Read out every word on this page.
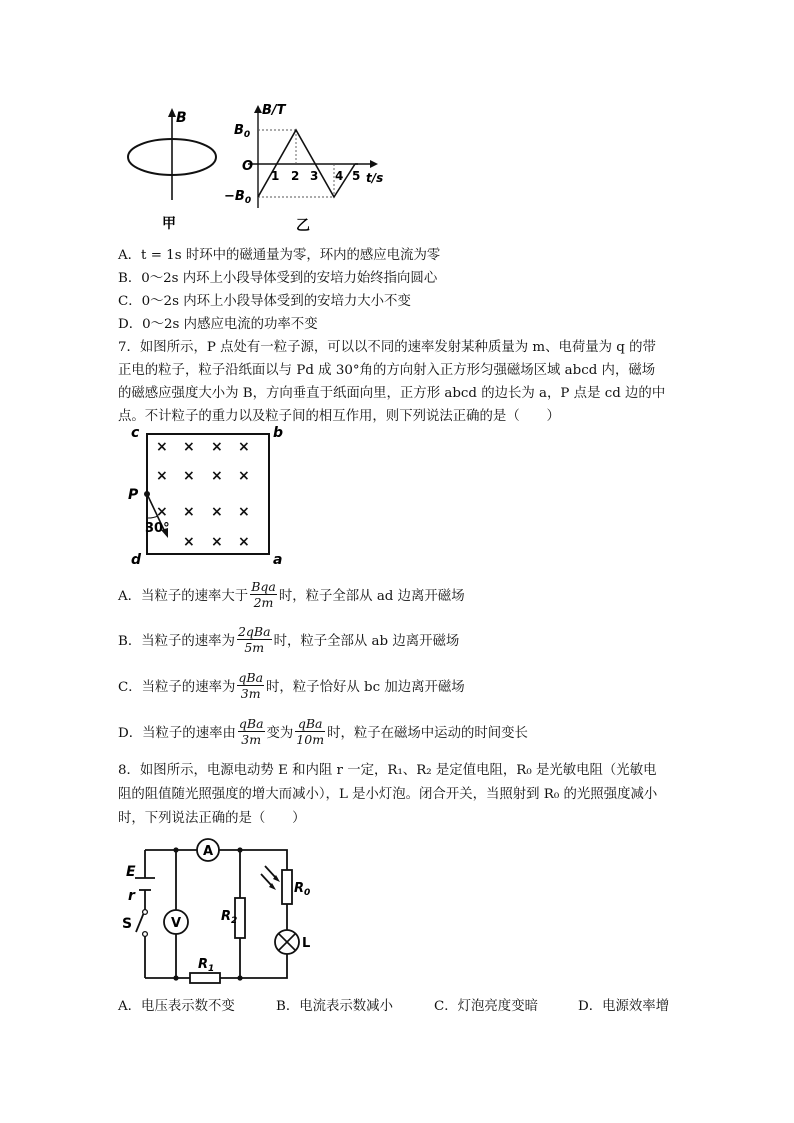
B
甲
B/T
t/s
O
$B_0$
$-B_0$
1 2 3 4 5
乙
A．t = 1s 时环中的磁通量为零，环内的感应电流为零
B．0～2s 内环上小段导体受到的安培力始终指向圆心
C．0～2s 内环上小段导体受到的安培力大小不变
D．0～2s 内感应电流的功率不变
7．如图所示，P 点处有一粒子源，可以以不同的速率发射某种质量为 m、电荷量为 q 的带
正电的粒子，粒子沿纸面以与 Pd 成 30°角的方向射入正方形匀强磁场区域 abcd 内，磁场
的磁感应强度大小为 B，方向垂直于纸面向里，正方形 abcd 的边长为 a，P 点是 cd 边的中
点。不计粒子的重力以及粒子间的相互作用，则下列说法正确的是（　　）
c	b
d	a
P
30°
× × × ×
× × × ×
× × × ×
× × ×
A．当粒子的速率大于 $\frac{\text{Bqa}}{2m}$ 时，粒子全部从 ad 边离开磁场
B．当粒子的速率为 $\frac{\text{2qBa}}{5m}$ 时，粒子全部从 ab 边离开磁场
C．当粒子的速率为 $\frac{\text{qBa}}{3m}$ 时，粒子恰好从 bc 加边离开磁场
D．当粒子的速率由 $\frac{\text{qBa}}{3m}$ 变为 $\frac{\text{qBa}}{10m}$ 时，粒子在磁场中运动的时间变长
8．如图所示，电源电动势 E 和内阻 r 一定，R₁、R₂ 是定值电阻，R₀ 是光敏电阻（光敏电
阻的阻值随光照强度的增大而减小），L 是小灯泡。闭合开关，当照射到 R₀ 的光照强度减小
时，下列说法正确的是（　　）
A
V	$R_2$
$R_0$
L
$R_1$
E
r
S
A．电压表示数不变	B．电流表示数减小	C．灯泡亮度变暗	D．电源效率增
